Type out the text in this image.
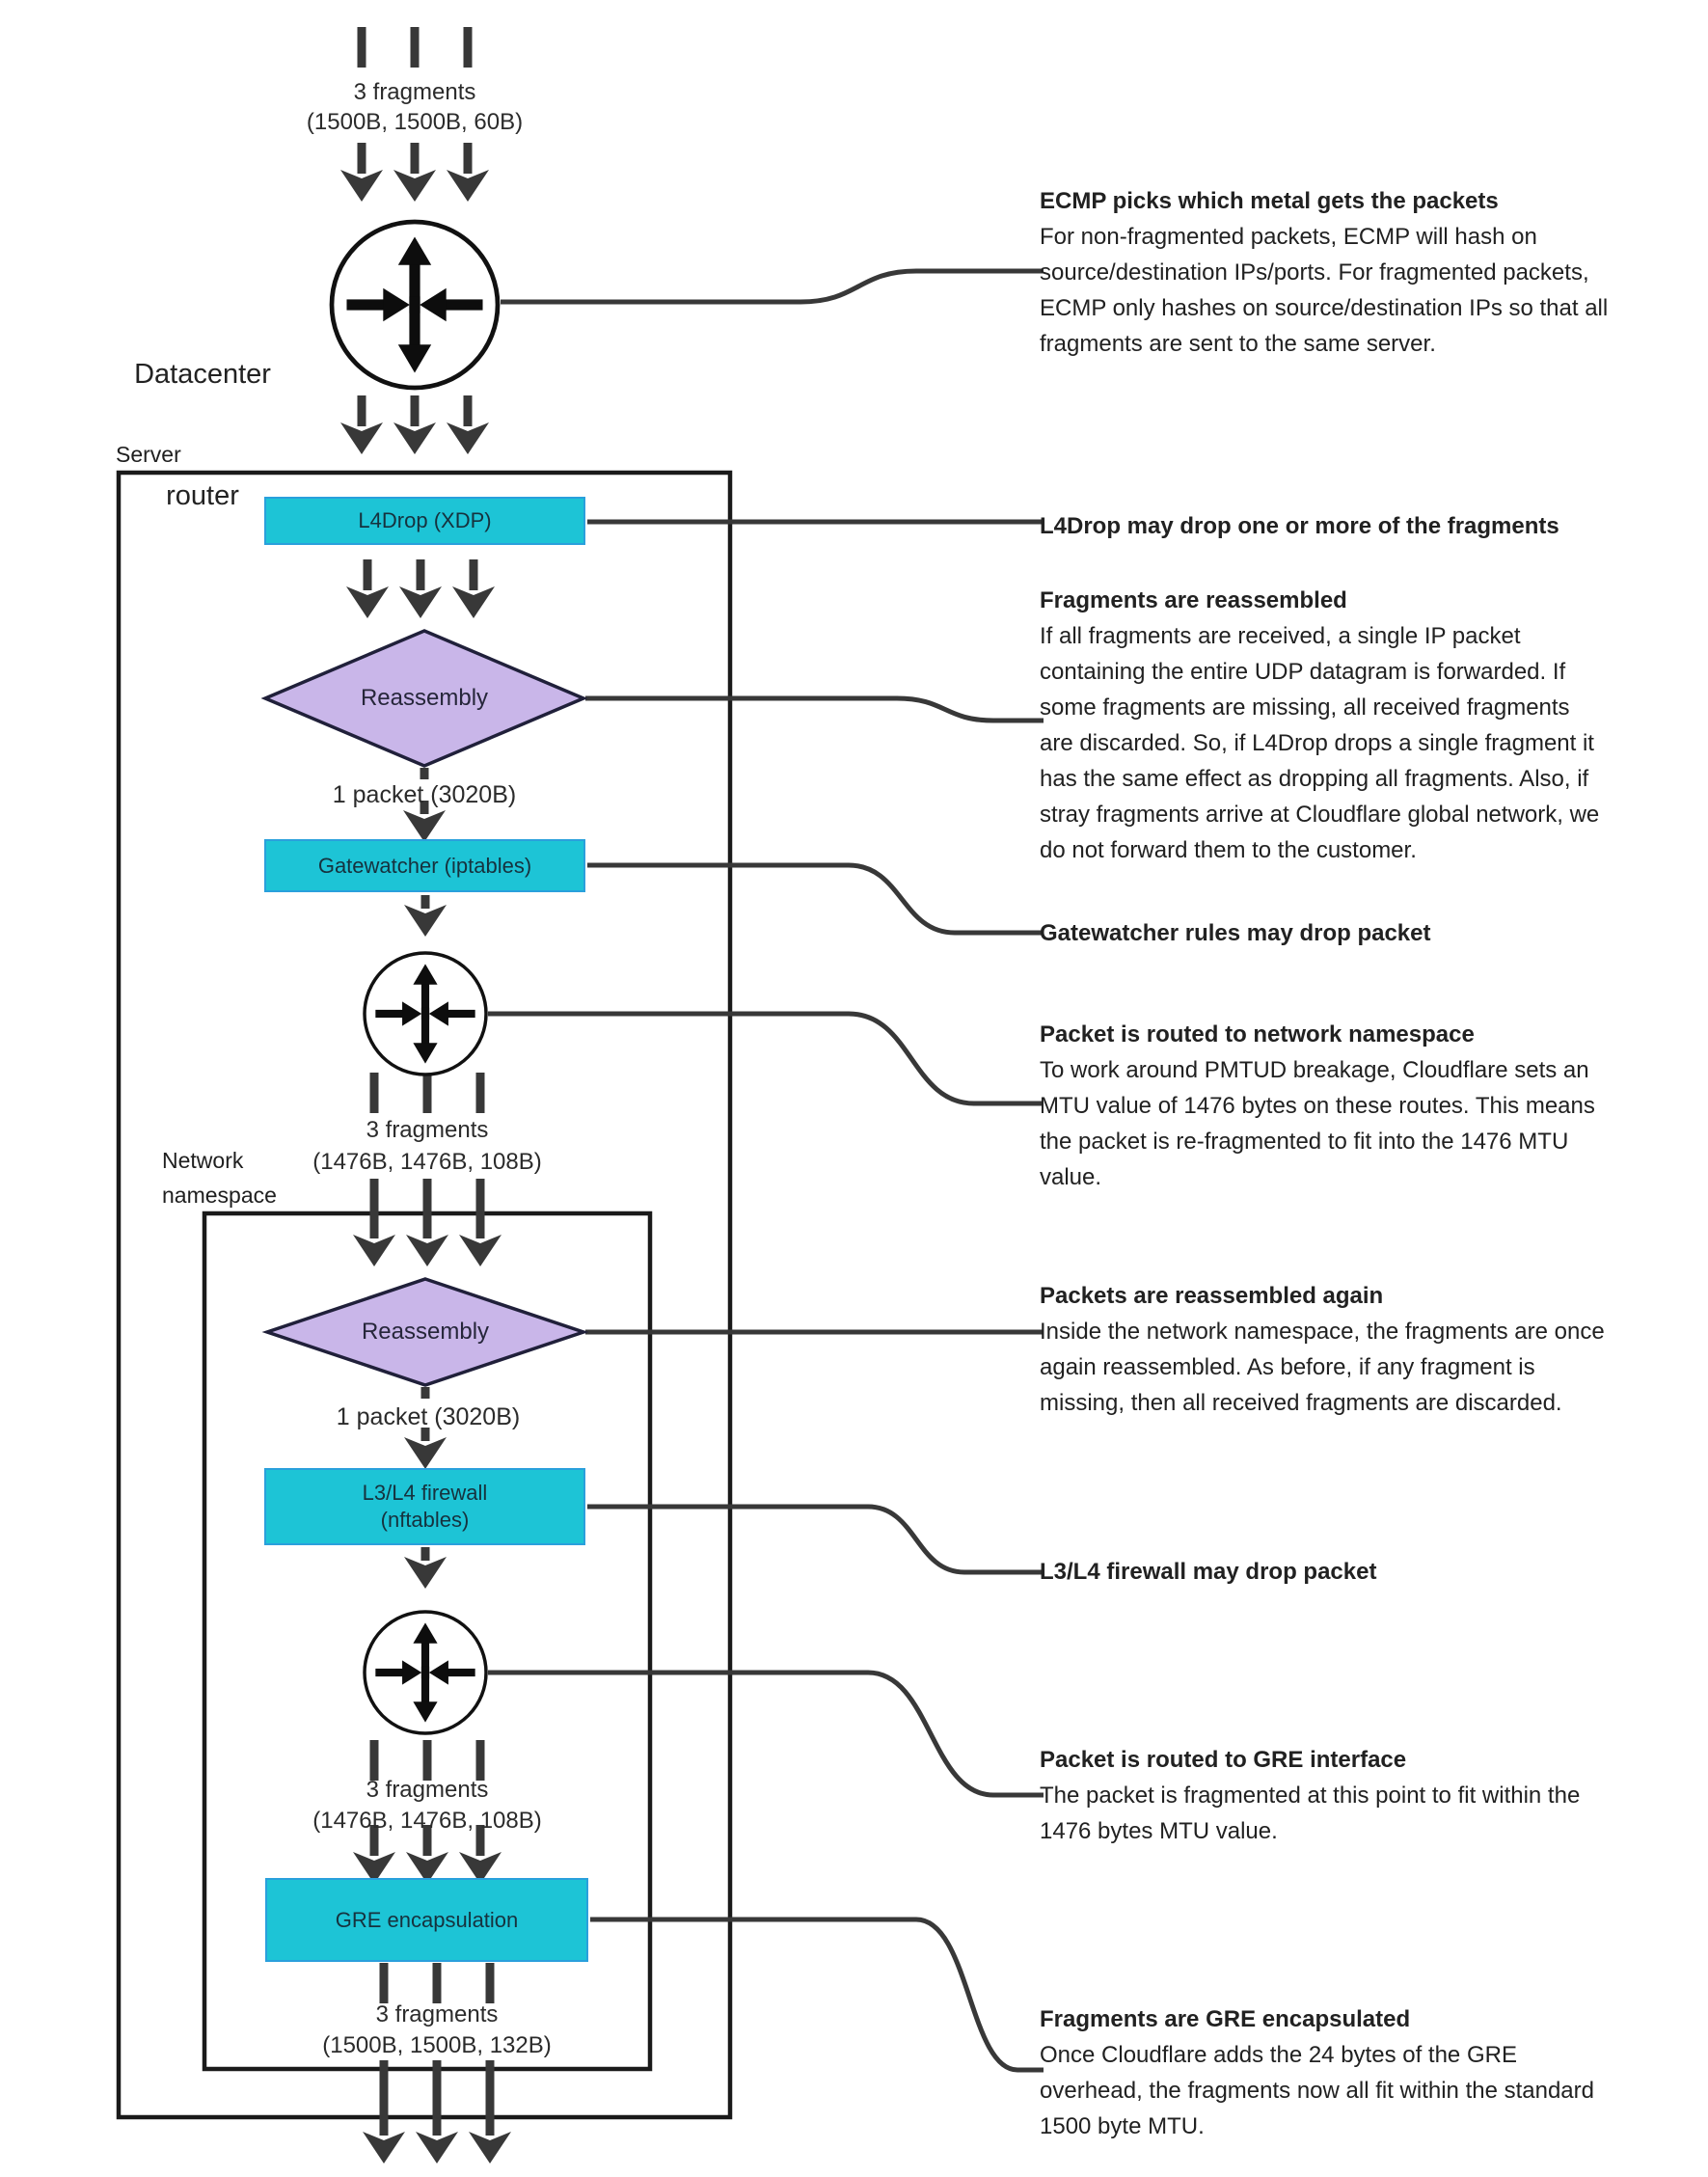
3 fragments
(1500B, 1500B, 60B)

Datacenter

router

Server
Reassembly
1 packet (3020B)
3 fragments
(1476B, 1476B, 108B)
Network
namespace
Reassembly
1 packet (3020B)
3 fragments
(1476B, 1476B, 108B)
3 fragments
(1500B, 1500B, 132B)
L4Drop (XDP)
Gatewatcher (iptables)
L3/L4 firewall
(nftables)
GRE encapsulation
ECMP picks which metal gets the packets
For non-fragmented packets, ECMP will hash on
source/destination IPs/ports. For fragmented packets,
ECMP only hashes on source/destination IPs so that all
fragments are sent to the same server.
L4Drop may drop one or more of the fragments
Fragments are reassembled
If all fragments are received, a single IP packet
containing the entire UDP datagram is forwarded. If
some fragments are missing, all received fragments
are discarded. So, if L4Drop drops a single fragment it
has the same effect as dropping all fragments. Also, if
stray fragments arrive at Cloudflare global network, we
do not forward them to the customer.
Gatewatcher rules may drop packet
Packet is routed to network namespace
To work around PMTUD breakage, Cloudflare sets an
MTU value of 1476 bytes on these routes. This means
the packet is re-fragmented to fit into the 1476 MTU
value.
Packets are reassembled again
Inside the network namespace, the fragments are once
again reassembled. As before, if any fragment is
missing, then all received fragments are discarded.
L3/L4 firewall may drop packet
Packet is routed to GRE interface
The packet is fragmented at this point to fit within the
1476 bytes MTU value.
Fragments are GRE encapsulated
Once Cloudflare adds the 24 bytes of the GRE
overhead, the fragments now all fit within the standard
1500 byte MTU.
